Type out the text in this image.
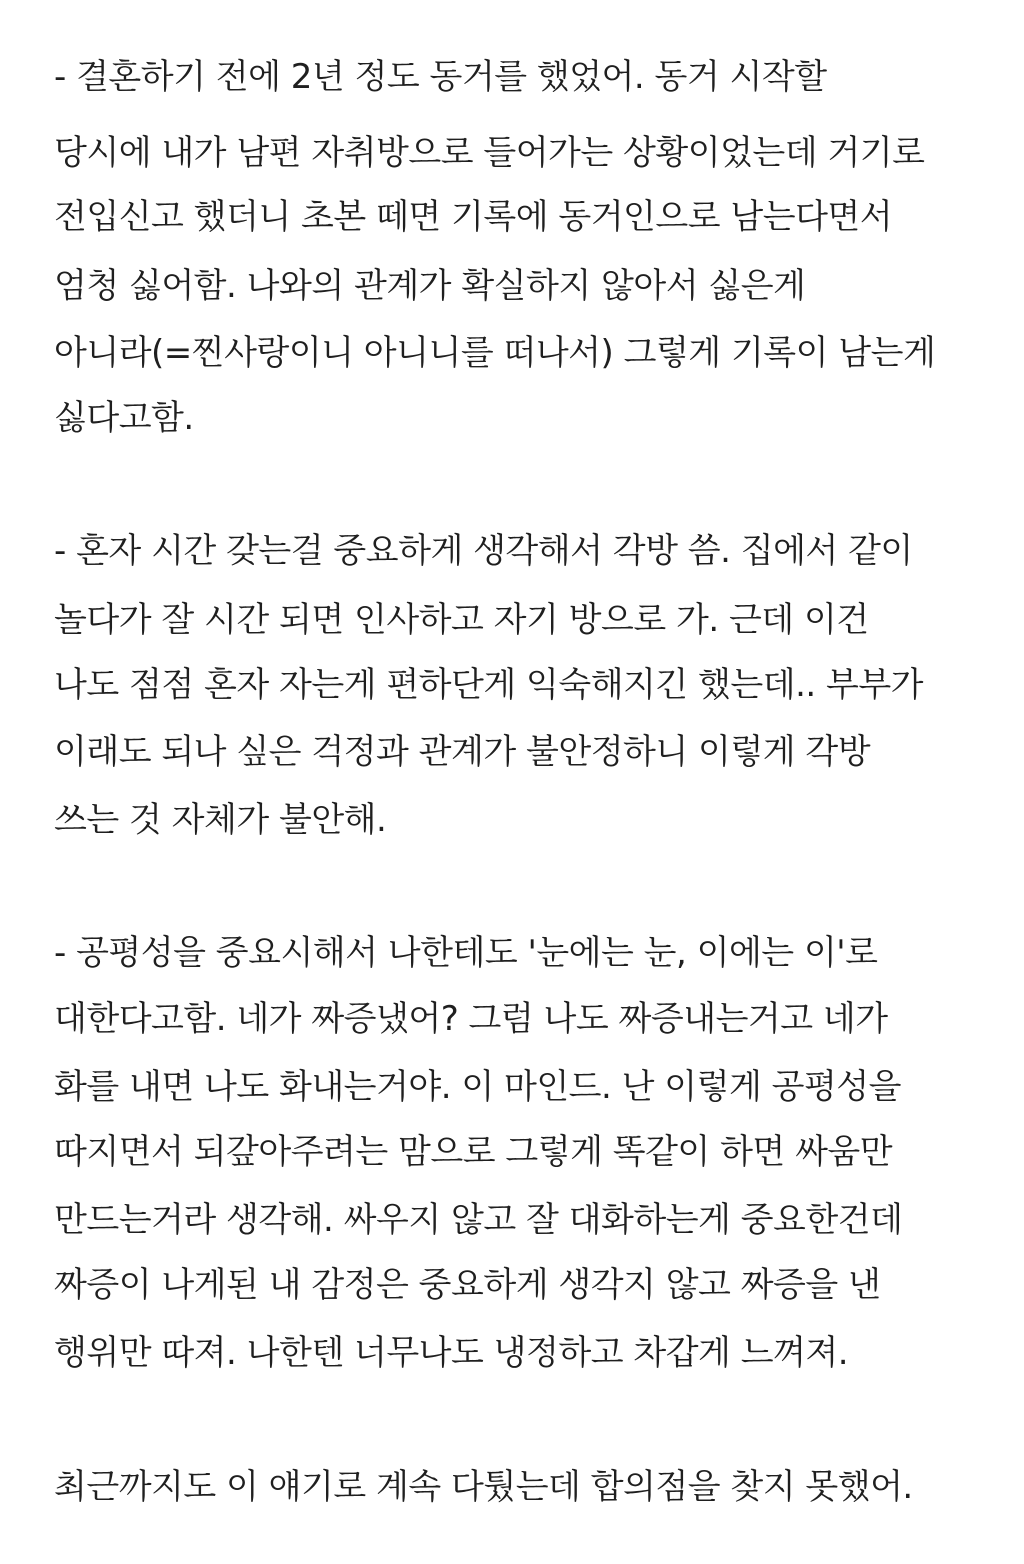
- 결혼하기 전에 2년 정도 동거를 했었어. 동거 시작할
당시에 내가 남편 자취방으로 들어가는 상황이었는데 거기로
전입신고 했더니 초본 떼면 기록에 동거인으로 남는다면서
엄청 싫어함. 나와의 관계가 확실하지 않아서 싫은게
아니라(=찐사랑이니 아니니를 떠나서) 그렇게 기록이 남는게
싫다고함.
- 혼자 시간 갖는걸 중요하게 생각해서 각방 씀. 집에서 같이
놀다가 잘 시간 되면 인사하고 자기 방으로 가. 근데 이건
나도 점점 혼자 자는게 편하단게 익숙해지긴 했는데.. 부부가
이래도 되나 싶은 걱정과 관계가 불안정하니 이렇게 각방
쓰는 것 자체가 불안해.
- 공평성을 중요시해서 나한테도 '눈에는 눈, 이에는 이'로
대한다고함. 네가 짜증냈어? 그럼 나도 짜증내는거고 네가
화를 내면 나도 화내는거야. 이 마인드. 난 이렇게 공평성을
따지면서 되갚아주려는 맘으로 그렇게 똑같이 하면 싸움만
만드는거라 생각해. 싸우지 않고 잘 대화하는게 중요한건데
짜증이 나게된 내 감정은 중요하게 생각지 않고 짜증을 낸
행위만 따져. 나한텐 너무나도 냉정하고 차갑게 느껴져.
최근까지도 이 얘기로 계속 다퉜는데 합의점을 찾지 못했어.
